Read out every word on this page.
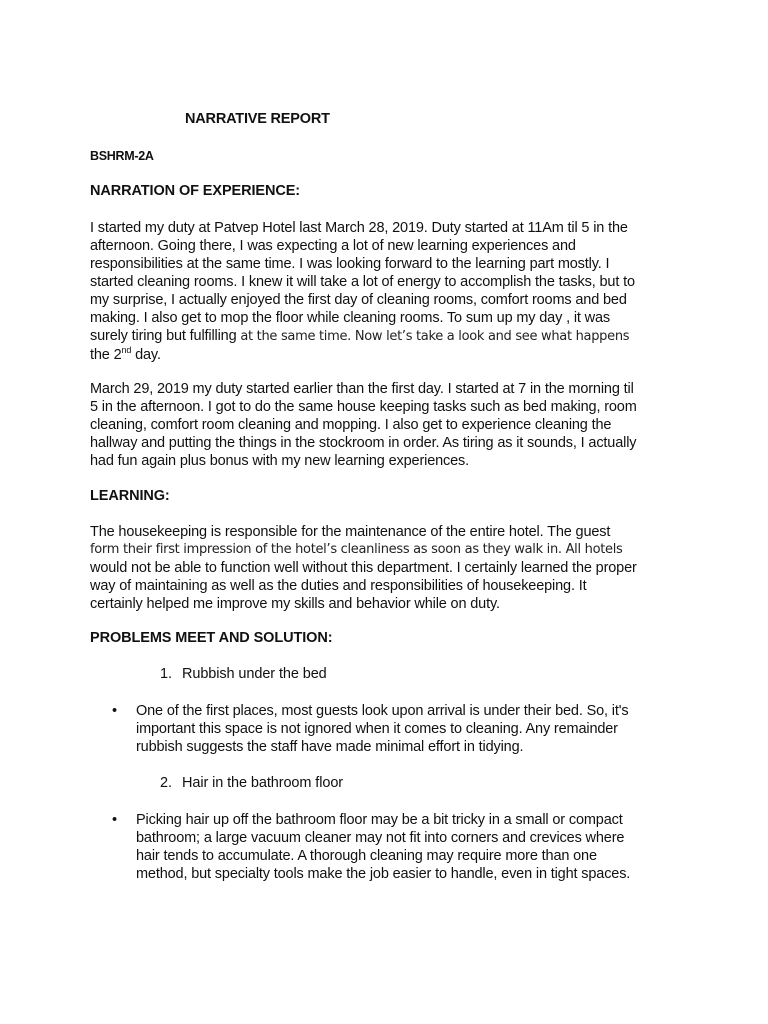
NARRATIVE REPORT
BSHRM-2A
NARRATION OF EXPERIENCE:
I started my duty at Patvep Hotel last March 28, 2019. Duty started at 11Am til 5 in the
afternoon. Going there, I was expecting a lot of new learning experiences and
responsibilities at the same time. I was looking forward to the learning part mostly. I
started cleaning rooms. I knew it will take a lot of energy to accomplish the tasks, but to
my surprise, I actually enjoyed the first day of cleaning rooms, comfort rooms and bed
making. I also get to mop the floor while cleaning rooms. To sum up my day , it was
surely tiring but fulfilling at the same time. Now let’s take a look and see what happens
the 2nd day.
March 29, 2019 my duty started earlier than the first day. I started at 7 in the morning til
5 in the afternoon. I got to do the same house keeping tasks such as bed making, room
cleaning, comfort room cleaning and mopping. I also get to experience cleaning the
hallway and putting the things in the stockroom in order. As tiring as it sounds, I actually
had fun again plus bonus with my new learning experiences.
LEARNING:
The housekeeping is responsible for the maintenance of the entire hotel. The guest
form their first impression of the hotel’s cleanliness as soon as they walk in. All hotels
would not be able to function well without this department. I certainly learned the proper
way of maintaining as well as the duties and responsibilities of housekeeping. It
certainly helped me improve my skills and behavior while on duty.
PROBLEMS MEET AND SOLUTION:
1. Rubbish under the bed
• One of the first places, most guests look upon arrival is under their bed. So, it's
important this space is not ignored when it comes to cleaning. Any remainder
rubbish suggests the staff have made minimal effort in tidying.
2. Hair in the bathroom floor
• Picking hair up off the bathroom floor may be a bit tricky in a small or compact
bathroom; a large vacuum cleaner may not fit into corners and crevices where
hair tends to accumulate. A thorough cleaning may require more than one
method, but specialty tools make the job easier to handle, even in tight spaces.
